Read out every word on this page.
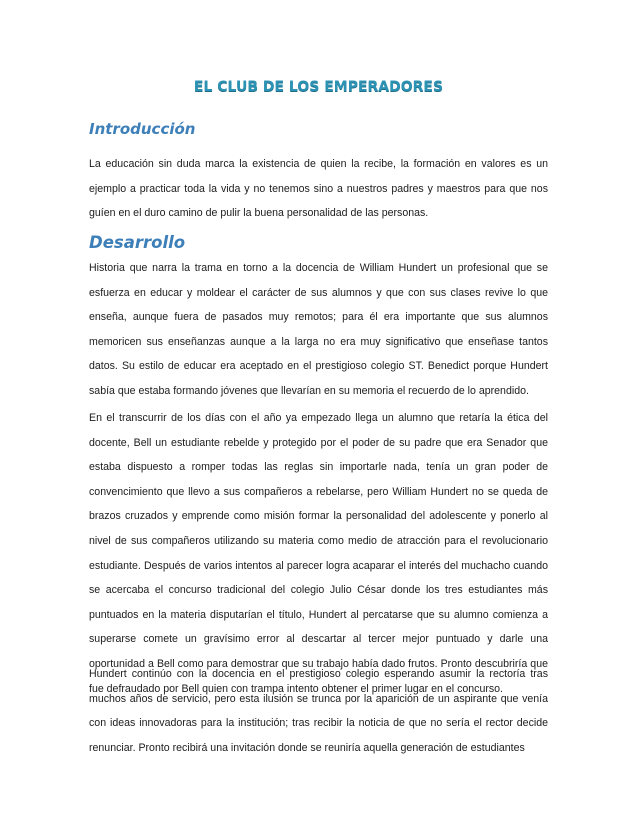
EL CLUB DE LOS EMPERADORES
Introducción

La educación sin duda marca la existencia de quien la recibe, la formación en valores es un ejemplo a practicar toda la vida y no tenemos sino a nuestros padres y maestros para que nos guíen en el duro camino de pulir la buena personalidad de las personas.

Desarrollo

Historia que narra la trama en torno a la docencia de William Hundert un profesional que se esfuerza en educar y moldear el carácter de sus alumnos y que con sus clases revive lo que enseña, aunque fuera de pasados muy remotos; para él era importante que sus alumnos memoricen sus enseñanzas aunque a la larga no era muy significativo que enseñase tantos datos. Su estilo de educar era aceptado en el prestigioso colegio ST. Benedict porque Hundert sabía que estaba formando jóvenes que llevarían en su memoria el recuerdo de lo aprendido.

En el transcurrir de los días con el año ya empezado llega un alumno que retaría la ética del docente, Bell un estudiante rebelde y protegido por el poder de su padre que era Senador que estaba dispuesto a romper todas las reglas sin importarle nada, tenía un gran poder de convencimiento que llevo a sus compañeros a rebelarse, pero William Hundert no se queda de brazos cruzados y emprende como misión formar la personalidad del adolescente y ponerlo al nivel de sus compañeros utilizando su materia como medio de atracción para el revolucionario estudiante. Después de varios intentos al parecer logra acaparar el interés del muchacho cuando se acercaba el concurso tradicional del colegio Julio César donde los tres estudiantes más puntuados en la materia disputarían el título, Hundert al percatarse que su alumno comienza a superarse comete un gravísimo error al descartar al tercer mejor puntuado y darle una oportunidad a Bell como para demostrar que su trabajo había dado frutos. Pronto descubriría que fue defraudado por Bell quien con trampa intento obtener el primer lugar en el concurso.

Hundert continúo con la docencia en el prestigioso colegio esperando asumir la rectoría tras muchos años de servicio, pero esta ilusión se trunca por la aparición de un aspirante que venía con ideas innovadoras para la institución; tras recibir la noticia de que no sería el rector decide renunciar. Pronto recibirá una invitación donde se reuniría aquella generación de estudiantes
